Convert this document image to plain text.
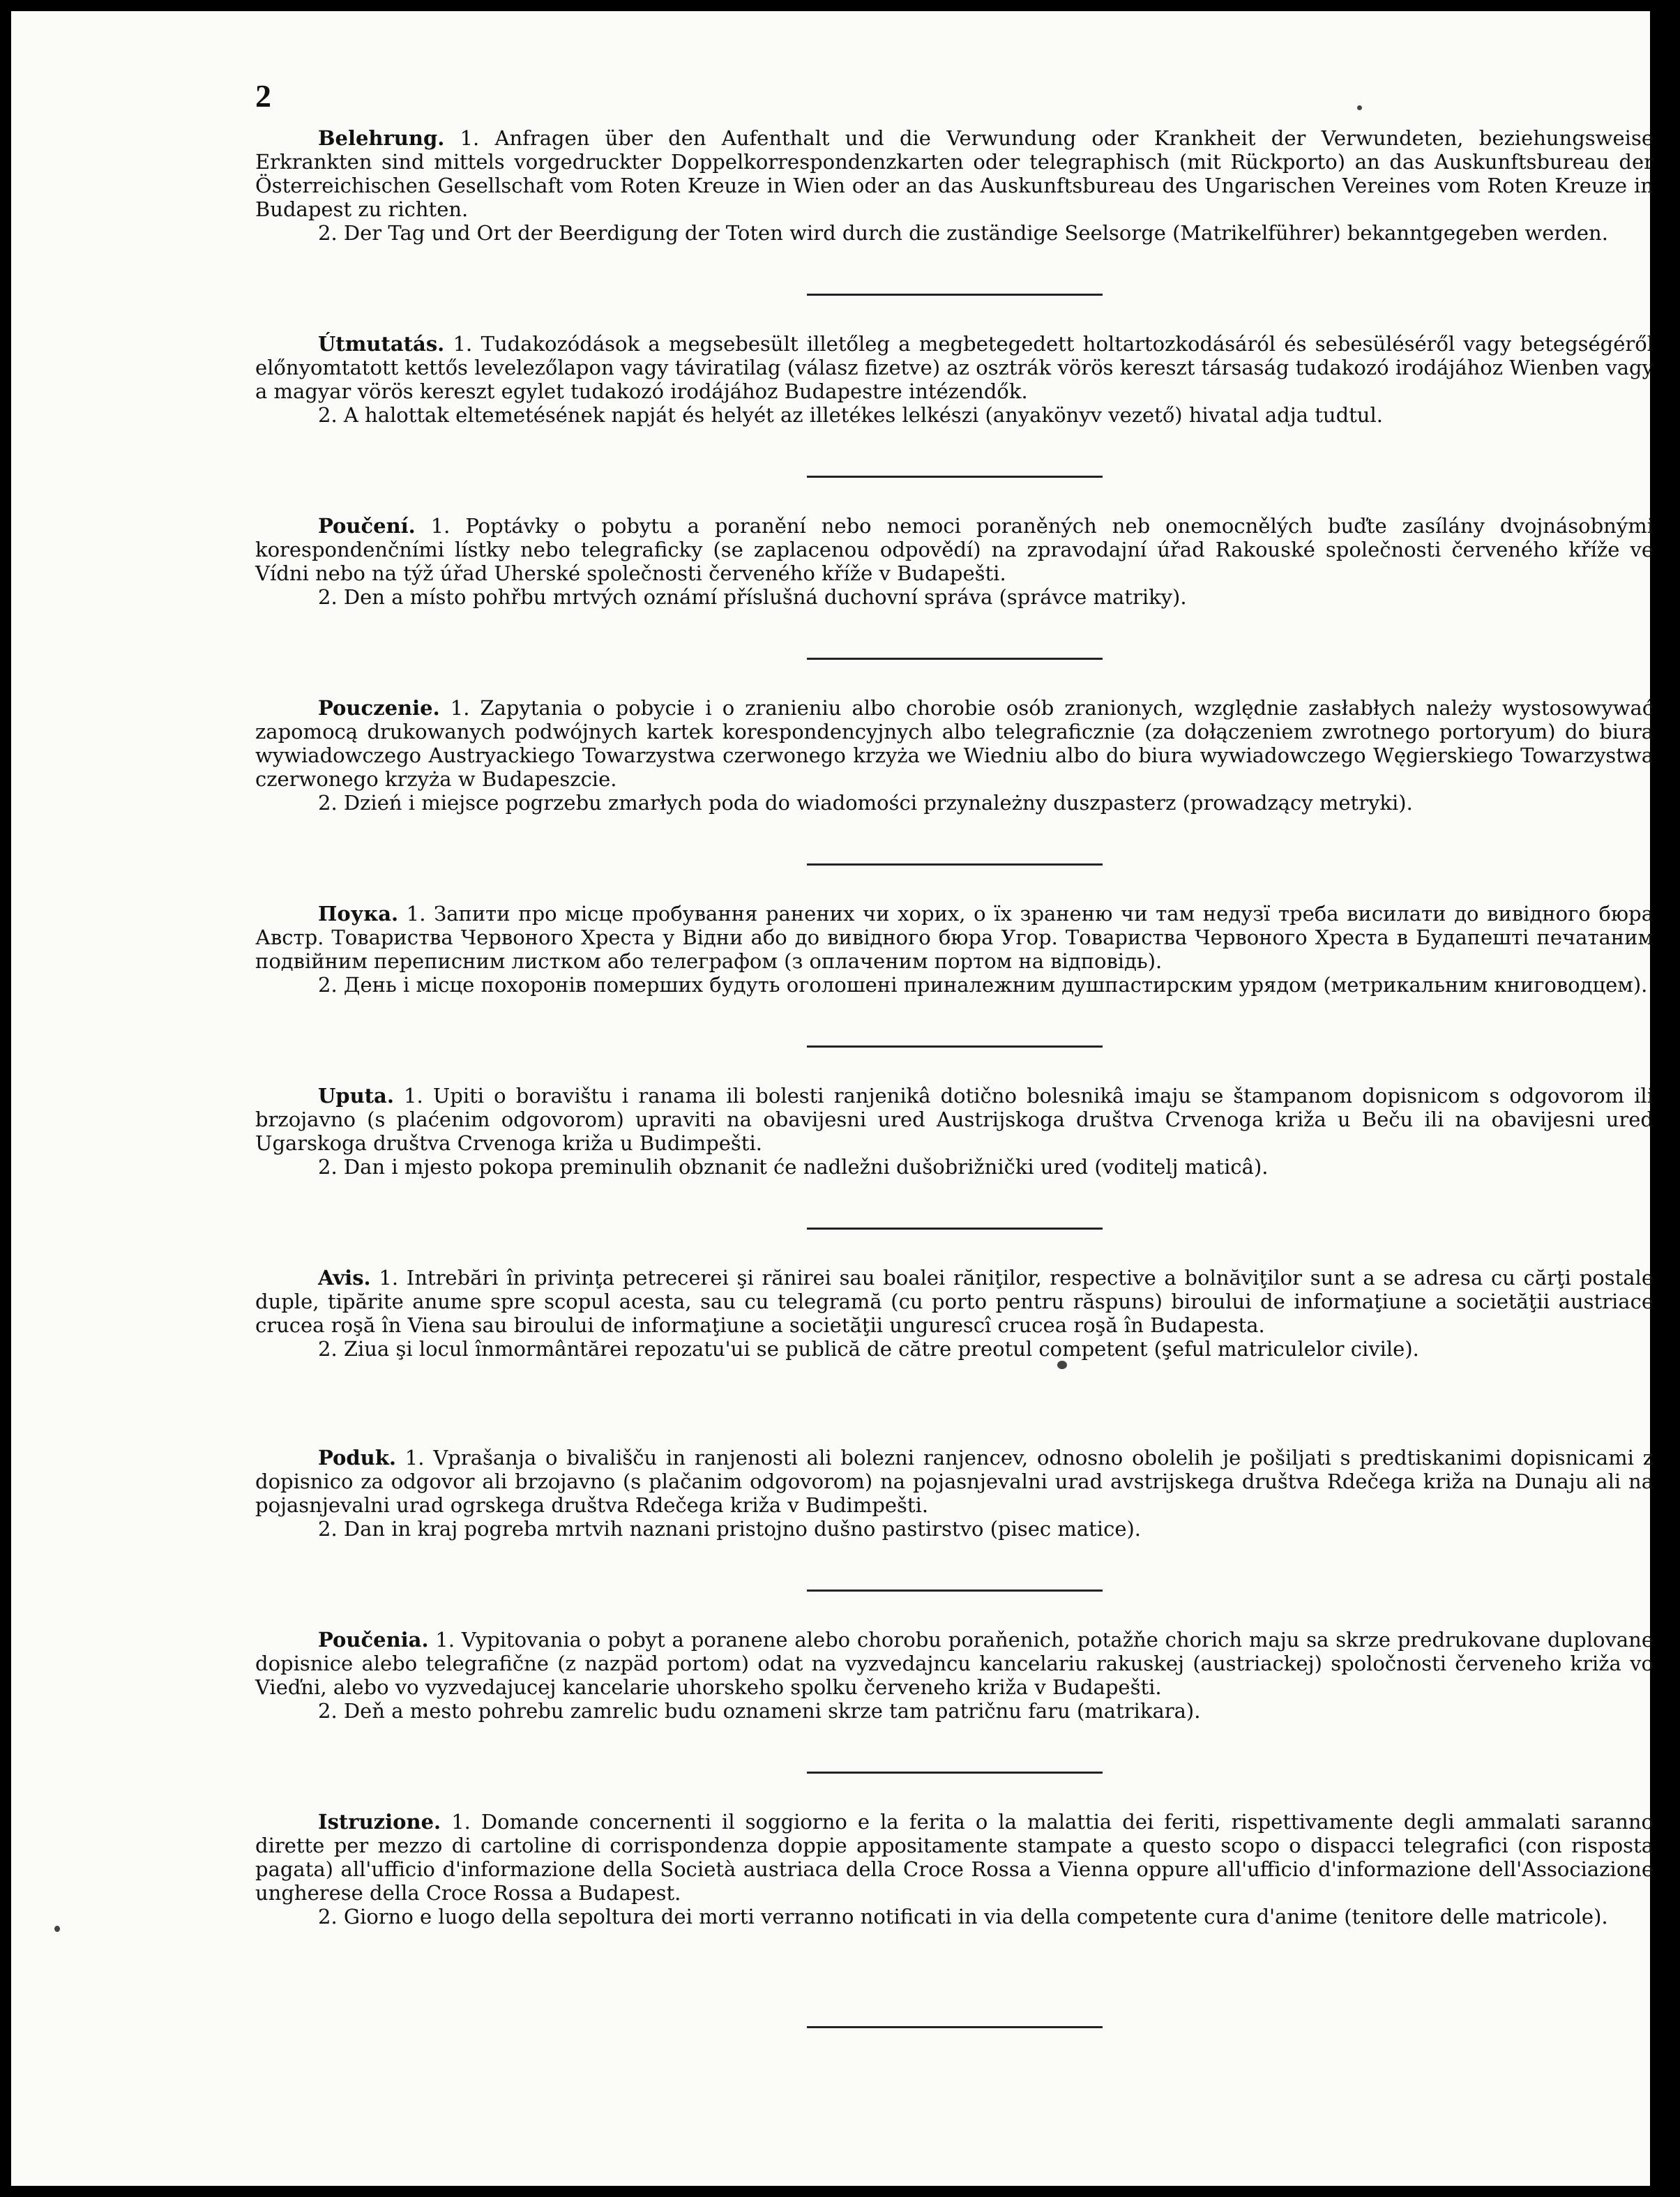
2

Belehrung. 1. Anfragen über den Aufenthalt und die Verwundung oder Krankheit der Verwundeten, beziehungsweise Erkrankten sind mittels vorgedruckter Doppelkorrespondenzkarten oder telegraphisch (mit Rückporto) an das Auskunftsbureau der Österreichischen Gesellschaft vom Roten Kreuze in Wien oder an das Auskunftsbureau des Ungarischen Vereines vom Roten Kreuze in Budapest zu richten.

2. Der Tag und Ort der Beerdigung der Toten wird durch die zuständige Seelsorge (Matrikelführer) bekanntgegeben werden.

Útmutatás. 1. Tudakozódások a megsebesült illetőleg a megbetegedett holtartozkodásáról és sebesüléséről vagy betegségéről előnyomtatott kettős levelezőlapon vagy táviratilag (válasz fizetve) az osztrák vörös kereszt társaság tudakozó irodájához Wienben vagy a magyar vörös kereszt egylet tudakozó irodájához Budapestre intézendők.

2. A halottak eltemetésének napját és helyét az illetékes lelkészi (anyakönyv vezető) hivatal adja tudtul.

Poučení. 1. Poptávky o pobytu a poranění nebo nemoci poraněných neb onemocnělých buďte zasílány dvojnásobnými korespondenčními lístky nebo telegraficky (se zaplacenou odpovědí) na zpravodajní úřad Rakouské společnosti červeného kříže ve Vídni nebo na týž úřad Uherské společnosti červeného kříže v Budapešti.

2. Den a místo pohřbu mrtvých oznámí příslušná duchovní správa (správce matriky).

Pouczenie. 1. Zapytania o pobycie i o zranieniu albo chorobie osób zranionych, względnie zasłabłych należy wystosowywać zapomocą drukowanych podwójnych kartek korespondencyjnych albo telegraficznie (za dołączeniem zwrotnego portoryum) do biura wywiadowczego Austryackiego Towarzystwa czerwonego krzyża we Wiedniu albo do biura wywiadowczego Węgierskiego Towarzystwa czerwonego krzyża w Budapeszcie.

2. Dzień i miejsce pogrzebu zmarłych poda do wiadomości przynależny duszpasterz (prowadzący metryki).

Поука. 1. Запити про місце пробування ранених чи хорих, о їх зраненю чи там недузї треба висилати до вивідного бюра Австр. Товариства Червоного Хреста у Відни або до вивідного бюра Угор. Товариства Червоного Хреста в Будапешті печатаним подвійним переписним листком або телеграфом (з оплаченим портом на відповідь).

2. День і місце похоронів померших будуть оголошені приналежним душпастирским урядом (метрикальним книговодцем).

Uputa. 1. Upiti o boravištu i ranama ili bolesti ranjenikâ dotično bolesnikâ imaju se štampanom dopisnicom s odgovorom ili brzojavno (s plaćenim odgovorom) upraviti na obavijesni ured Austrijskoga društva Crvenoga križa u Beču ili na obavijesni ured Ugarskoga društva Crvenoga križa u Budimpešti.

2. Dan i mjesto pokopa preminulih obznanit će nadležni dušobrižnički ured (voditelj maticâ).

Avis. 1. Intrebări în privinţa petrecerei şi rănirei sau boalei răniţilor, respective a bolnăviţilor sunt a se adresa cu cărţi postale duple, tipărite anume spre scopul acesta, sau cu telegramă (cu porto pentru răspuns) biroului de informaţiune a societăţii austriace crucea roşă în Viena sau biroului de informaţiune a societăţii ungurescî crucea roşă în Budapesta.

2. Ziua şi locul înmormântărei repozatu'ui se publică de către preotul competent (şeful matriculelor civile).

Poduk. 1. Vprašanja o bivališču in ranjenosti ali bolezni ranjencev, odnosno obolelih je pošiljati s predtiskanimi dopisnicami z dopisnico za odgovor ali brzojavno (s plačanim odgovorom) na pojasnjevalni urad avstrijskega društva Rdečega križa na Dunaju ali na pojasnjevalni urad ogrskega društva Rdečega križa v Budimpešti.

2. Dan in kraj pogreba mrtvih naznani pristojno dušno pastirstvo (pisec matice).

Poučenia. 1. Vypitovania o pobyt a poranene alebo chorobu poraňenich, potažňe chorich maju sa skrze predrukovane duplovane dopisnice alebo telegrafične (z nazpäd portom) odat na vyzvedajncu kancelariu rakuskej (austriackej) spoločnosti červeneho križa vo Vieďni, alebo vo vyzvedajucej kancelarie uhorskeho spolku červeneho križa v Budapešti.

2. Deň a mesto pohrebu zamrelic budu oznameni skrze tam patričnu faru (matrikara).

Istruzione. 1. Domande concernenti il soggiorno e la ferita o la malattia dei feriti, rispettivamente degli ammalati saranno dirette per mezzo di cartoline di corrispondenza doppie appositamente stampate a questo scopo o dispacci telegrafici (con risposta pagata) all'ufficio d'informazione della Società austriaca della Croce Rossa a Vienna oppure all'ufficio d'informazione dell'Associazione ungherese della Croce Rossa a Budapest.

2. Giorno e luogo della sepoltura dei morti verranno notificati in via della competente cura d'anime (tenitore delle matricole).
